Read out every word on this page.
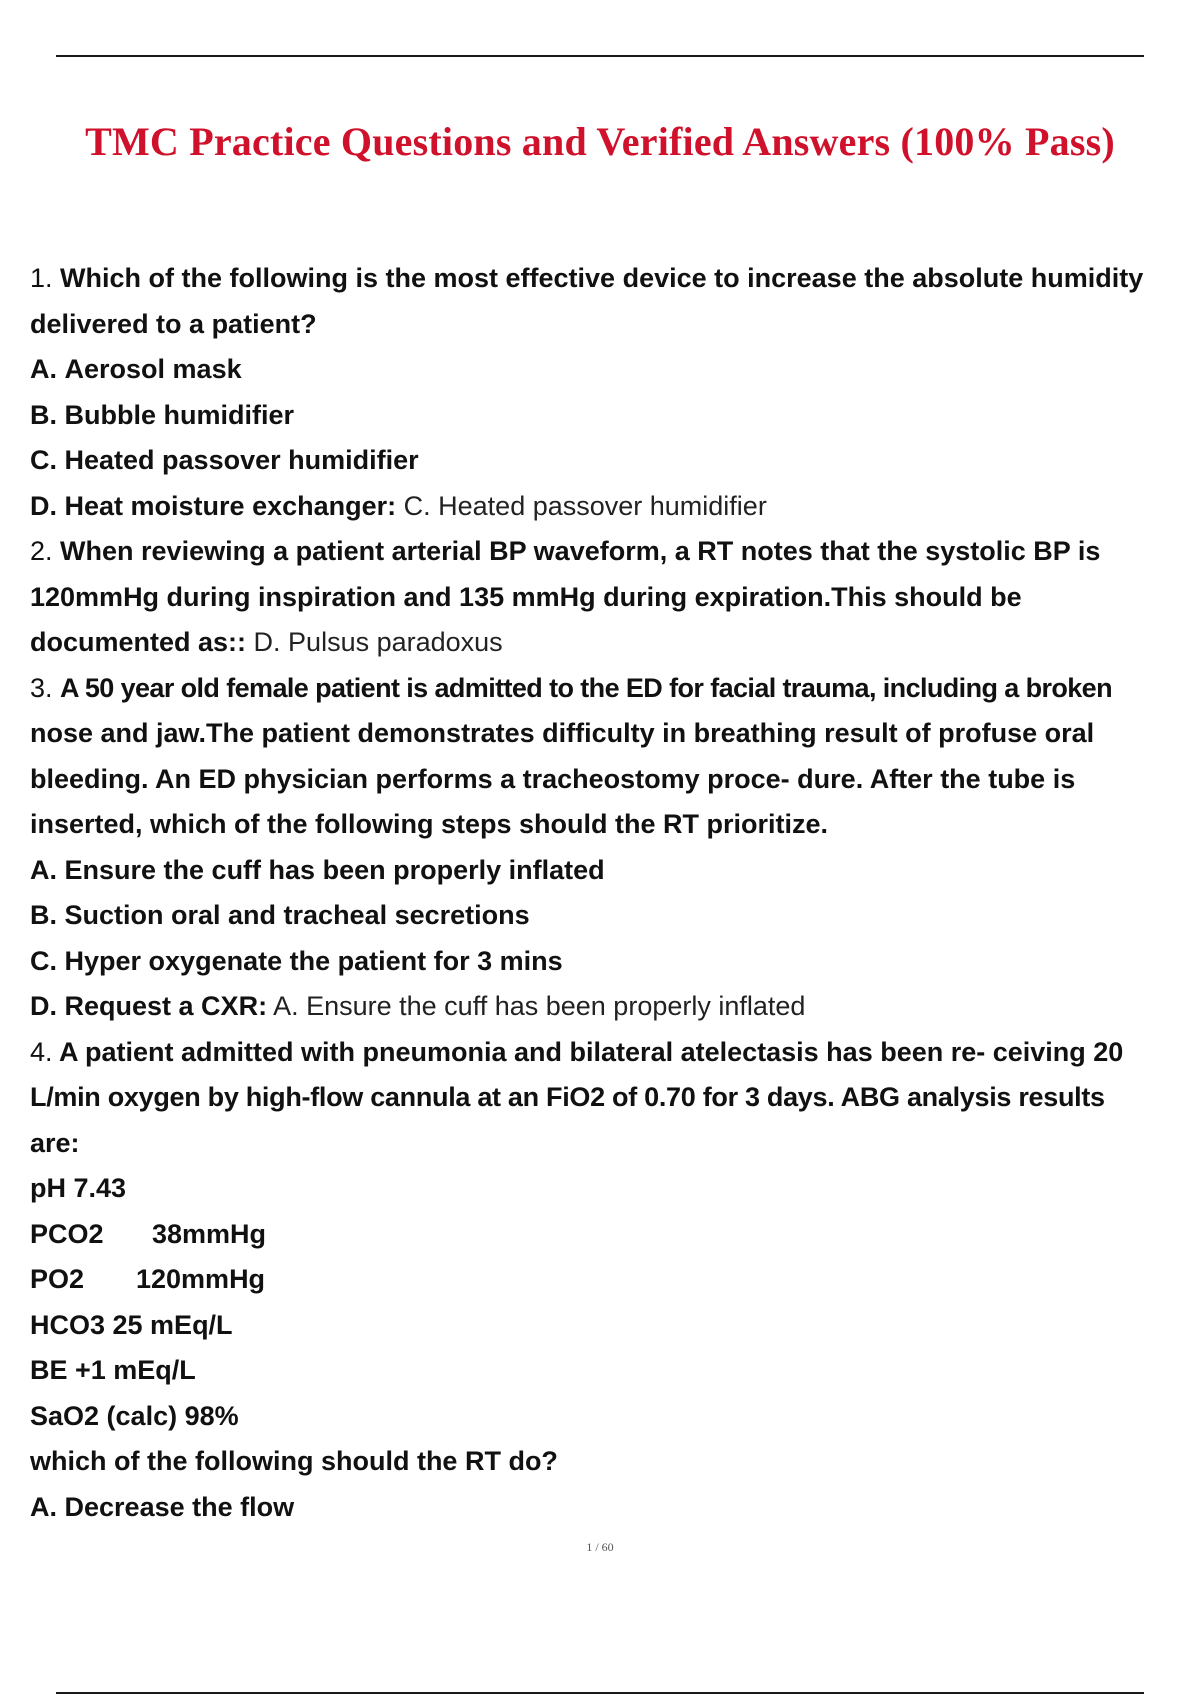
TMC Practice Questions and Verified Answers (100% Pass)
1. Which of the following is the most effective device to increase the absolute humidity
delivered to a patient?
A. Aerosol mask
B. Bubble humidifier
C. Heated passover humidifier
D. Heat moisture exchanger: C. Heated passover humidifier
2. When reviewing a patient arterial BP waveform, a RT notes that the systolic BP is
120mmHg during inspiration and 135 mmHg during expiration.This should be
documented as:: D. Pulsus paradoxus
3. A 50 year old female patient is admitted to the ED for facial trauma, including a broken
nose and jaw.The patient demonstrates difficulty in breathing result of profuse oral
bleeding. An ED physician performs a tracheostomy proce- dure. After the tube is
inserted, which of the following steps should the RT prioritize.
A. Ensure the cuff has been properly inflated
B. Suction oral and tracheal secretions
C. Hyper oxygenate the patient for 3 mins
D. Request a CXR: A. Ensure the cuff has been properly inflated
4. A patient admitted with pneumonia and bilateral atelectasis has been re- ceiving 20
L/min oxygen by high-flow cannula at an FiO2 of 0.70 for 3 days. ABG analysis results
are:
pH 7.43
PCO2 38mmHg
PO2 120mmHg
HCO3 25 mEq/L
BE +1 mEq/L
SaO2 (calc) 98%
which of the following should the RT do?
A. Decrease the flow
1 / 60
